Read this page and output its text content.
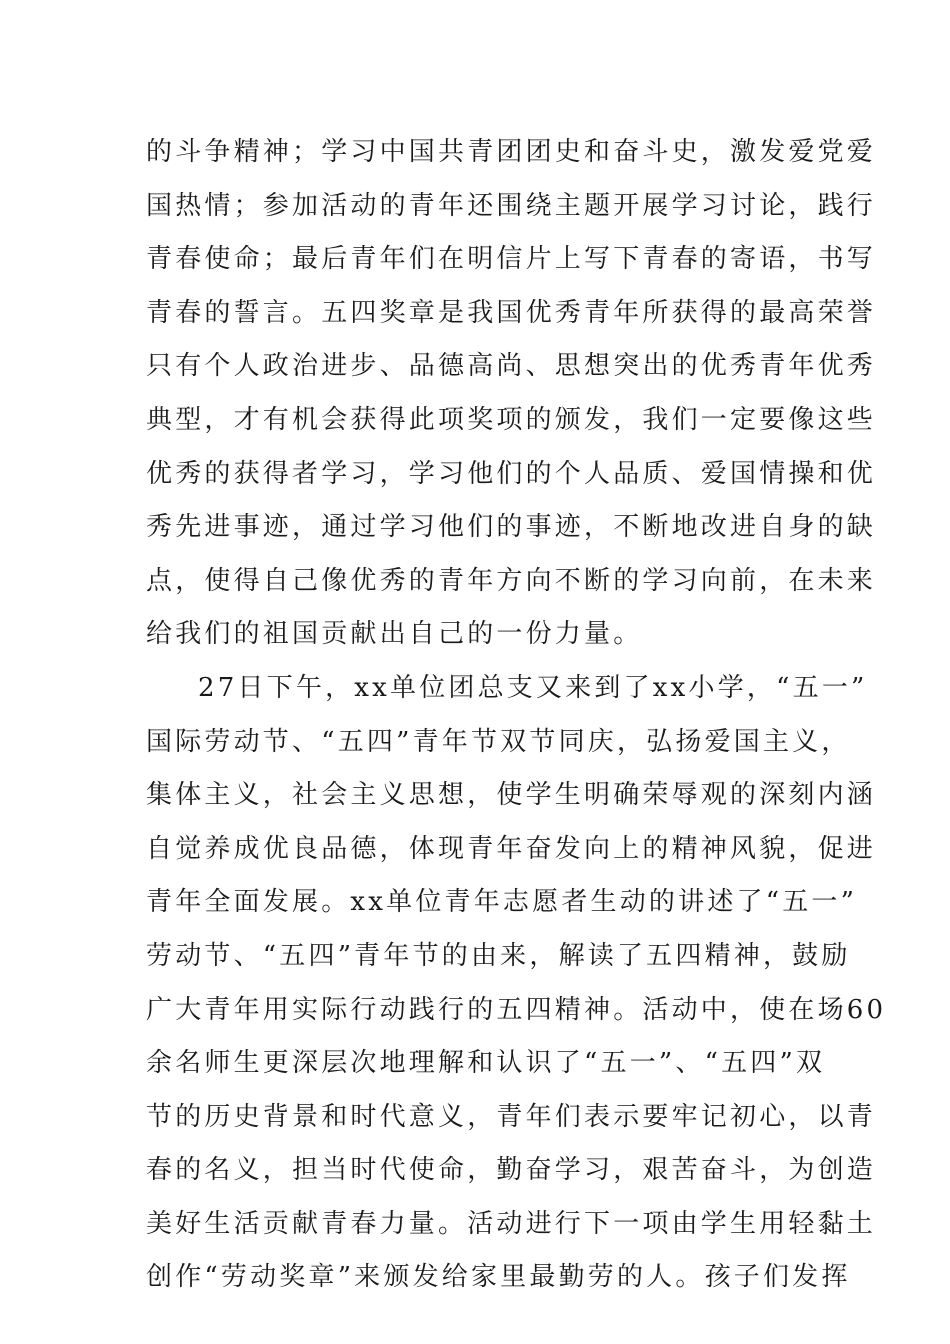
的斗争精神；学习中国共青团团史和奋斗史，激发爱党爱
国热情；参加活动的青年还围绕主题开展学习讨论，践行
青春使命；最后青年们在明信片上写下青春的寄语，书写
青春的誓言。五四奖章是我国优秀青年所获得的最高荣誉
只有个人政治进步、品德高尚、思想突出的优秀青年优秀
典型，才有机会获得此项奖项的颁发，我们一定要像这些
优秀的获得者学习，学习他们的个人品质、爱国情操和优
秀先进事迹，通过学习他们的事迹，不断地改进自身的缺
点，使得自己像优秀的青年方向不断的学习向前，在未来
给我们的祖国贡献出自己的一份力量。
27日下午，xx单位团总支又来到了xx小学，“五一”
国际劳动节、“五四”青年节双节同庆，弘扬爱国主义，
集体主义，社会主义思想，使学生明确荣辱观的深刻内涵
自觉养成优良品德，体现青年奋发向上的精神风貌，促进
青年全面发展。xx单位青年志愿者生动的讲述了“五一”
劳动节、“五四”青年节的由来，解读了五四精神，鼓励
广大青年用实际行动践行的五四精神。活动中，使在场60
余名师生更深层次地理解和认识了“五一”、“五四”双
节的历史背景和时代意义，青年们表示要牢记初心，以青
春的名义，担当时代使命，勤奋学习，艰苦奋斗，为创造
美好生活贡献青春力量。活动进行下一项由学生用轻黏土
创作“劳动奖章”来颁发给家里最勤劳的人。孩子们发挥
